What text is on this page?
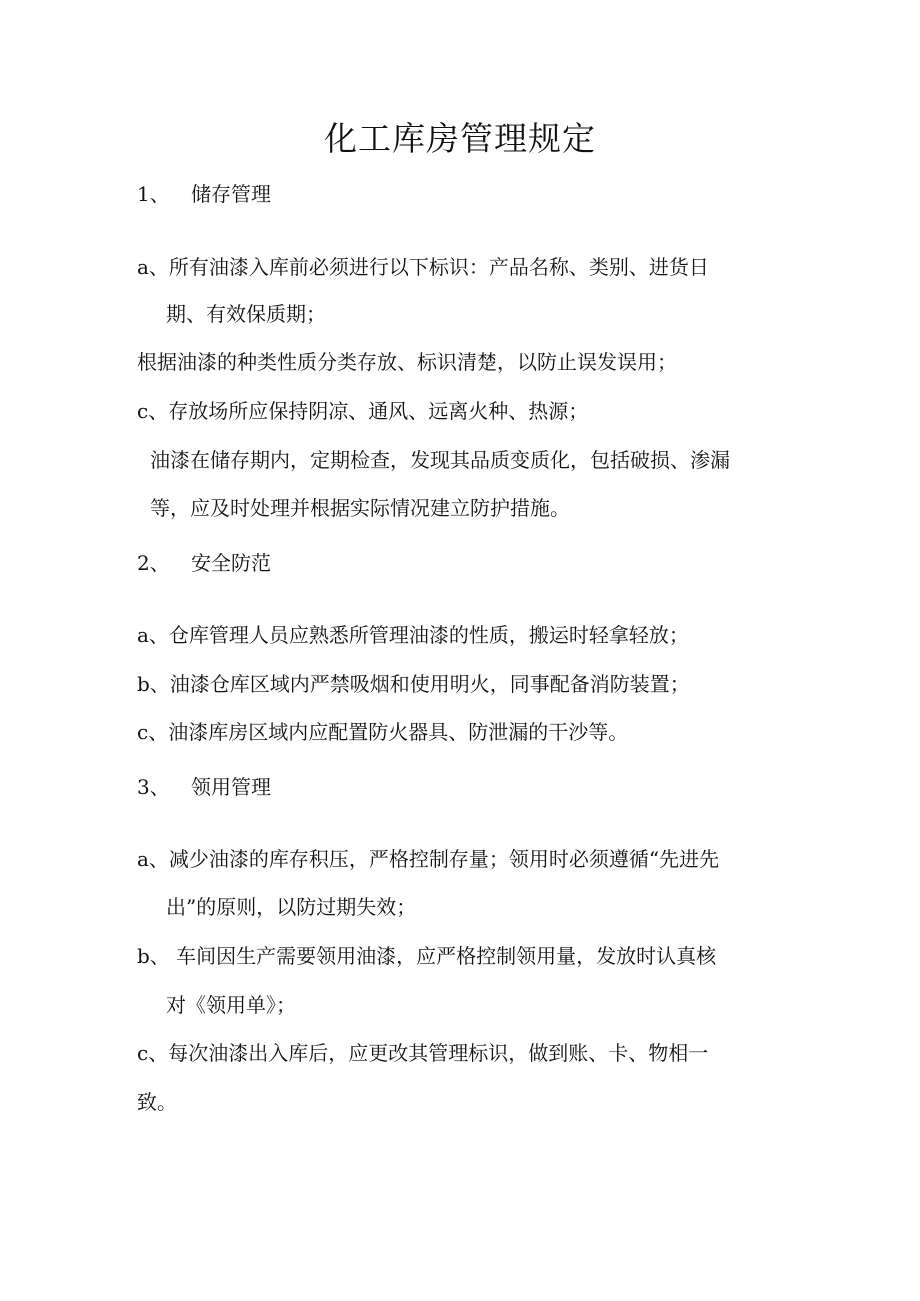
化工库房管理规定
1、 储存管理
a、所有油漆入库前必须进行以下标识：产品名称、类别、进货日
期、有效保质期；
根据油漆的种类性质分类存放、标识清楚，以防止误发误用；
c、存放场所应保持阴凉、通风、远离火种、热源；
油漆在储存期内，定期检查，发现其品质变质化，包括破损、渗漏
等，应及时处理并根据实际情况建立防护措施。
2、 安全防范
a、仓库管理人员应熟悉所管理油漆的性质，搬运时轻拿轻放；
b、油漆仓库区域内严禁吸烟和使用明火，同事配备消防装置；
c、油漆库房区域内应配置防火器具、防泄漏的干沙等。
3、 领用管理
a、减少油漆的库存积压，严格控制存量；领用时必须遵循“先进先
出”的原则，以防过期失效；
b、 车间因生产需要领用油漆，应严格控制领用量，发放时认真核
对《领用单》；
c、每次油漆出入库后，应更改其管理标识，做到账、卡、物相一
致。
